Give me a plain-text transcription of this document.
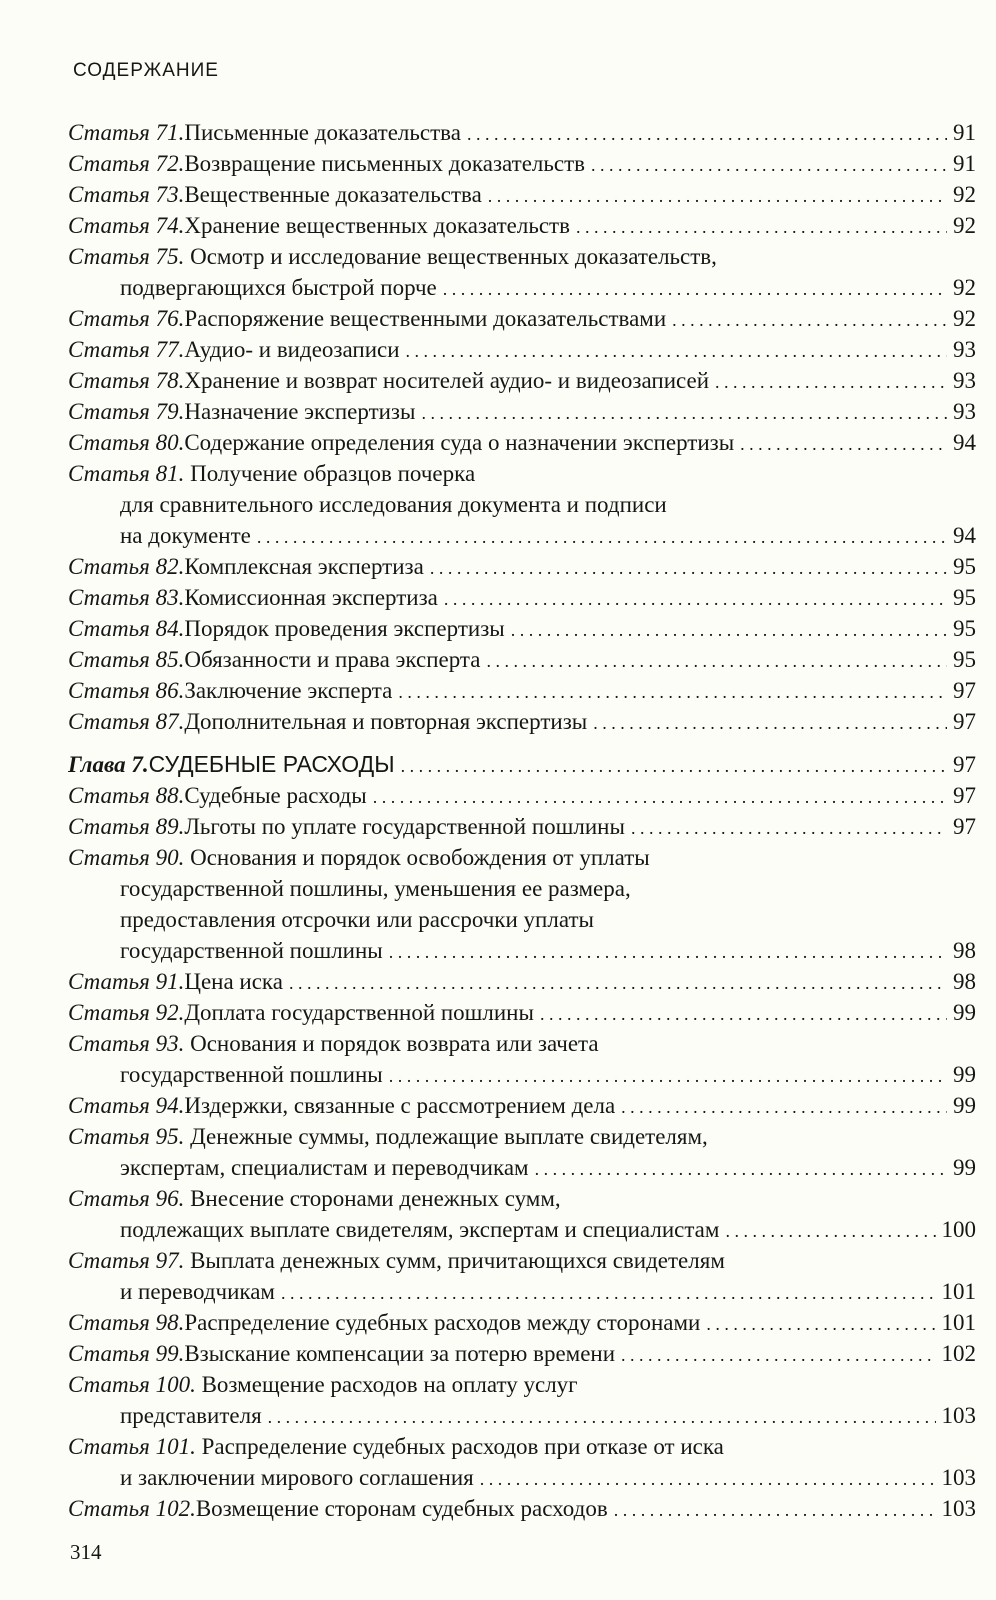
СОДЕРЖАНИЕ
Статья 71. Письменные доказательства . . .	91
Статья 72. Возвращение письменных доказательств . . .	91
Статья 73. Вещественные доказательства . . .	92
Статья 74. Хранение вещественных доказательств . . .	92
Статья 75. Осмотр и исследование вещественных доказательств,
подвергающихся быстрой порче . . .	92
Статья 76. Распоряжение вещественными доказательствами . . .	92
Статья 77. Аудио- и видеозаписи . . .	93
Статья 78. Хранение и возврат носителей аудио- и видеозаписей . . .	93
Статья 79. Назначение экспертизы . . .	93
Статья 80. Содержание определения суда о назначении экспертизы . . .	94
Статья 81. Получение образцов почерка
для сравнительного исследования документа и подписи
на документе . . .	94
Статья 82. Комплексная экспертиза . . .	95
Статья 83. Комиссионная экспертиза . . .	95
Статья 84. Порядок проведения экспертизы . . .	95
Статья 85. Обязанности и права эксперта . . .	95
Статья 86. Заключение эксперта . . .	97
Статья 87. Дополнительная и повторная экспертизы . . .	97
Глава 7. СУДЕБНЫЕ РАСХОДЫ . . .	97
Статья 88. Судебные расходы . . .	97
Статья 89. Льготы по уплате государственной пошлины . . .	97
Статья 90. Основания и порядок освобождения от уплаты
государственной пошлины, уменьшения ее размера,
предоставления отсрочки или рассрочки уплаты
государственной пошлины . . .	98
Статья 91. Цена иска . . .	98
Статья 92. Доплата государственной пошлины . . .	99
Статья 93. Основания и порядок возврата или зачета
государственной пошлины . . .	99
Статья 94. Издержки, связанные с рассмотрением дела . . .	99
Статья 95. Денежные суммы, подлежащие выплате свидетелям,
экспертам, специалистам и переводчикам . . .	99
Статья 96. Внесение сторонами денежных сумм,
подлежащих выплате свидетелям, экспертам и специалистам . . .	100
Статья 97. Выплата денежных сумм, причитающихся свидетелям
и переводчикам . . .	101
Статья 98. Распределение судебных расходов между сторонами . . .	101
Статья 99. Взыскание компенсации за потерю времени . . .	102
Статья 100. Возмещение расходов на оплату услуг
представителя . . .	103
Статья 101. Распределение судебных расходов при отказе от иска
и заключении мирового соглашения . . .	103
Статья 102. Возмещение сторонам судебных расходов . . .	103
314
